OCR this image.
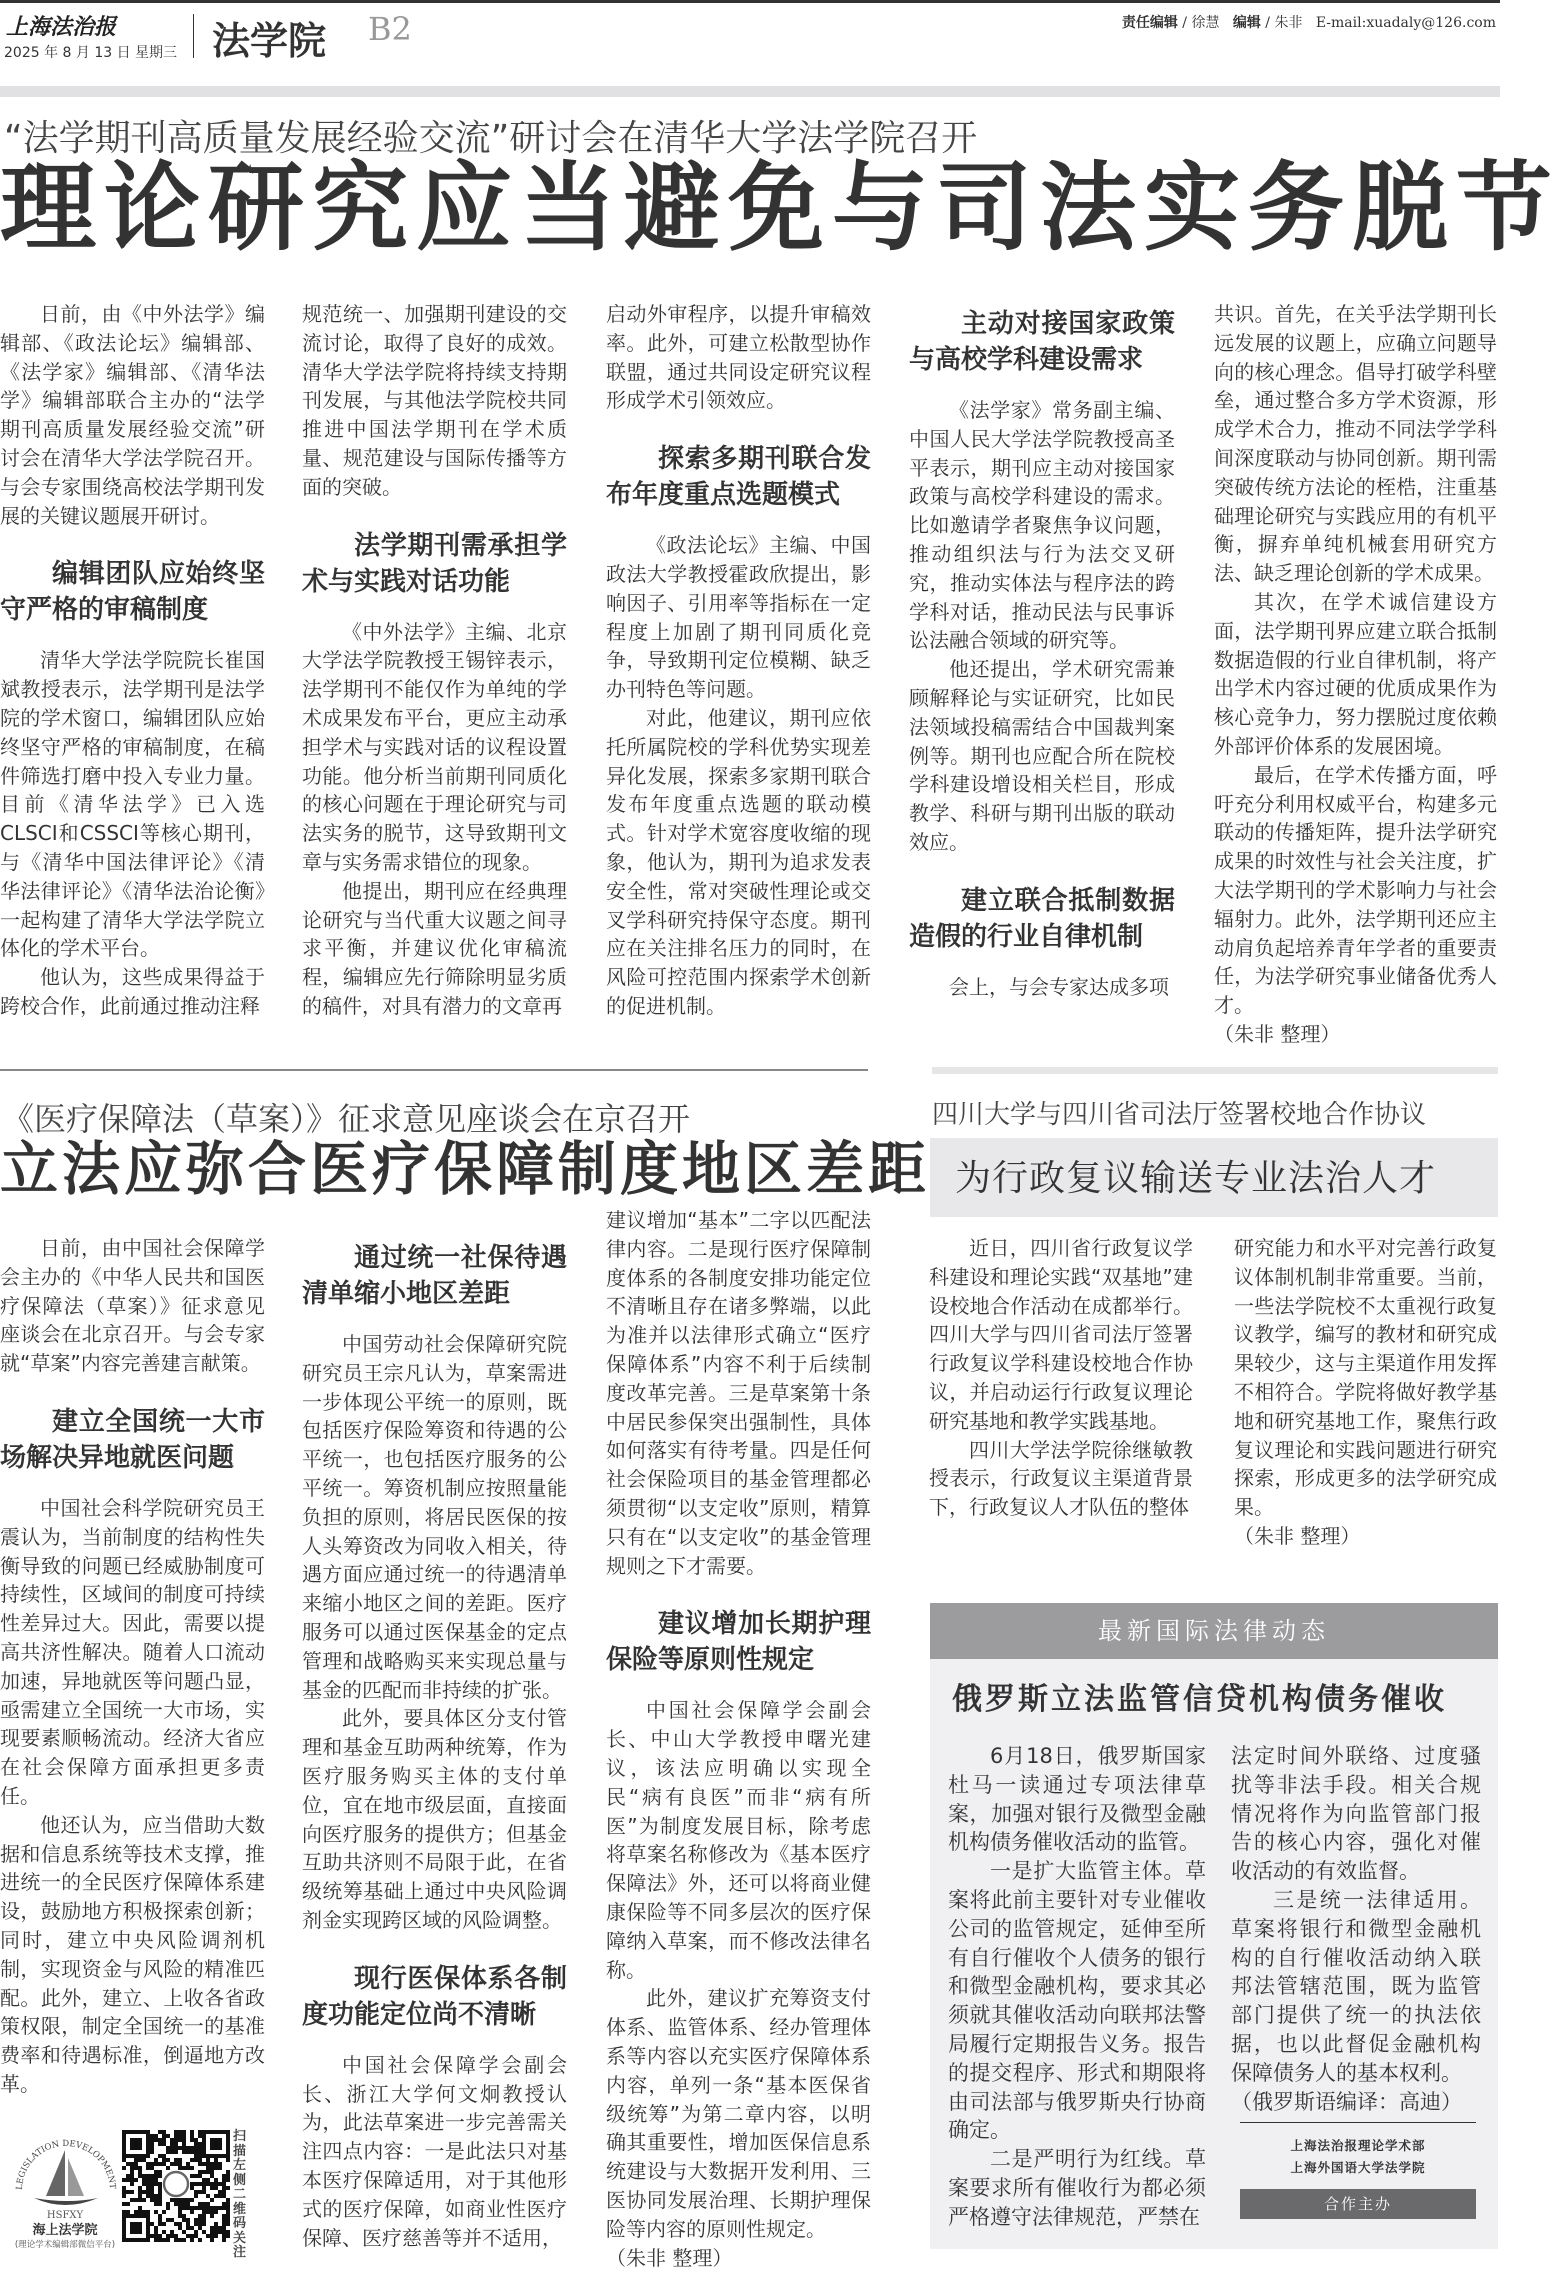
上海法治报
2025 年 8 月 13 日 星期三 法学院 B2	责任编辑 / 徐慧 编辑 / 朱非 E-mail:xuadaly@126.com
“法学期刊高质量发展经验交流”研讨会在清华大学法学院召开
理论研究应当避免与司法实务脱节

日前，由《中外法学》编辑部、《政法论坛》编辑部、《法学家》编辑部、《清华法学》编辑部联合主办的“法学期刊高质量发展经验交流”研讨会在清华大学法学院召开。与会专家围绕高校法学期刊发展的关键议题展开研讨。

编辑团队应始终坚守严格的审稿制度

清华大学法学院院长崔国斌教授表示，法学期刊是法学院的学术窗口，编辑团队应始终坚守严格的审稿制度，在稿件筛选打磨中投入专业力量。目前《清华法学》已入选CLSCI和CSSCI等核心期刊，与《清华中国法律评论》《清华法律评论》《清华法治论衡》一起构建了清华大学法学院立体化的学术平台。

他认为，这些成果得益于跨校合作，此前通过推动注释

规范统一、加强期刊建设的交流讨论，取得了良好的成效。清华大学法学院将持续支持期刊发展，与其他法学院校共同推进中国法学期刊在学术质量、规范建设与国际传播等方面的突破。

法学期刊需承担学术与实践对话功能

《中外法学》主编、北京大学法学院教授王锡锌表示，法学期刊不能仅作为单纯的学术成果发布平台，更应主动承担学术与实践对话的议程设置功能。他分析当前期刊同质化的核心问题在于理论研究与司法实务的脱节，这导致期刊文章与实务需求错位的现象。

他提出，期刊应在经典理论研究与当代重大议题之间寻求平衡，并建议优化审稿流程，编辑应先行筛除明显劣质的稿件，对具有潜力的文章再

启动外审程序，以提升审稿效率。此外，可建立松散型协作联盟，通过共同设定研究议程形成学术引领效应。

探索多期刊联合发布年度重点选题模式

《政法论坛》主编、中国政法大学教授霍政欣提出，影响因子、引用率等指标在一定程度上加剧了期刊同质化竞争，导致期刊定位模糊、缺乏办刊特色等问题。

对此，他建议，期刊应依托所属院校的学科优势实现差异化发展，探索多家期刊联合发布年度重点选题的联动模式。针对学术宽容度收缩的现象，他认为，期刊为追求发表安全性，常对突破性理论或交叉学科研究持保守态度。期刊应在关注排名压力的同时，在风险可控范围内探索学术创新的促进机制。

主动对接国家政策与高校学科建设需求

《法学家》常务副主编、中国人民大学法学院教授高圣平表示，期刊应主动对接国家政策与高校学科建设的需求。比如邀请学者聚焦争议问题，推动组织法与行为法交叉研究，推动实体法与程序法的跨学科对话，推动民法与民事诉讼法融合领域的研究等。

他还提出，学术研究需兼顾解释论与实证研究，比如民法领域投稿需结合中国裁判案例等。期刊也应配合所在院校学科建设增设相关栏目，形成教学、科研与期刊出版的联动效应。

建立联合抵制数据造假的行业自律机制

会上，与会专家达成多项

共识。首先，在关乎法学期刊长远发展的议题上，应确立问题导向的核心理念。倡导打破学科壁垒，通过整合多方学术资源，形成学术合力，推动不同法学学科间深度联动与协同创新。期刊需突破传统方法论的桎梏，注重基础理论研究与实践应用的有机平衡，摒弃单纯机械套用研究方法、缺乏理论创新的学术成果。

其次，在学术诚信建设方面，法学期刊界应建立联合抵制数据造假的行业自律机制，将产出学术内容过硬的优质成果作为核心竞争力，努力摆脱过度依赖外部评价体系的发展困境。

最后，在学术传播方面，呼吁充分利用权威平台，构建多元联动的传播矩阵，提升法学研究成果的时效性与社会关注度，扩大法学期刊的学术影响力与社会辐射力。此外，法学期刊还应主动肩负起培养青年学者的重要责任，为法学研究事业储备优秀人才。

（朱非 整理）

《医疗保障法（草案）》征求意见座谈会在京召开
立法应弥合医疗保障制度地区差距

日前，由中国社会保障学会主办的《中华人民共和国医疗保障法（草案）》征求意见座谈会在北京召开。与会专家就“草案”内容完善建言献策。

建立全国统一大市场解决异地就医问题

中国社会科学院研究员王震认为，当前制度的结构性失衡导致的问题已经威胁制度可持续性，区域间的制度可持续性差异过大。因此，需要以提高共济性解决。随着人口流动加速，异地就医等问题凸显，亟需建立全国统一大市场，实现要素顺畅流动。经济大省应在社会保障方面承担更多责任。

他还认为，应当借助大数据和信息系统等技术支撑，推进统一的全民医疗保障体系建设，鼓励地方积极探索创新；同时，建立中央风险调剂机制，实现资金与风险的精准匹配。此外，建立、上收各省政策权限，制定全国统一的基准费率和待遇标准，倒逼地方改革。

通过统一社保待遇清单缩小地区差距

中国劳动社会保障研究院研究员王宗凡认为，草案需进一步体现公平统一的原则，既包括医疗保险筹资和待遇的公平统一，也包括医疗服务的公平统一。筹资机制应按照量能负担的原则，将居民医保的按人头筹资改为同收入相关，待遇方面应通过统一的待遇清单来缩小地区之间的差距。医疗服务可以通过医保基金的定点管理和战略购买来实现总量与基金的匹配而非持续的扩张。

此外，要具体区分支付管理和基金互助两种统筹，作为医疗服务购买主体的支付单位，宜在地市级层面，直接面向医疗服务的提供方；但基金互助共济则不局限于此，在省级统筹基础上通过中央风险调剂金实现跨区域的风险调整。

现行医保体系各制度功能定位尚不清晰

中国社会保障学会副会长、浙江大学何文炯教授认为，此法草案进一步完善需关注四点内容：一是此法只对基本医疗保障适用，对于其他形式的医疗保障，如商业性医疗保障、医疗慈善等并不适用，

建议增加“基本”二字以匹配法律内容。二是现行医疗保障制度体系的各制度安排功能定位不清晰且存在诸多弊端，以此为准并以法律形式确立“医疗保障体系”内容不利于后续制度改革完善。三是草案第十条中居民参保突出强制性，具体如何落实有待考量。四是任何社会保险项目的基金管理都必须贯彻“以支定收”原则，精算只有在“以支定收”的基金管理规则之下才需要。

建议增加长期护理保险等原则性规定

中国社会保障学会副会长、中山大学教授申曙光建议，该法应明确以实现全民“病有良医”而非“病有所医”为制度发展目标，除考虑将草案名称修改为《基本医疗保障法》外，还可以将商业健康保险等不同多层次的医疗保障纳入草案，而不修改法律名称。

此外，建议扩充筹资支付体系、监管体系、经办管理体系等内容以充实医疗保障体系内容，单列一条“基本医保省级统筹”为第二章内容，以明确其重要性，增加医保信息系统建设与大数据开发利用、三医协同发展治理、长期护理保险等内容的原则性规定。

（朱非 整理）

四川大学与四川省司法厅签署校地合作协议
为行政复议输送专业法治人才

近日，四川省行政复议学科建设和理论实践“双基地”建设校地合作活动在成都举行。四川大学与四川省司法厅签署行政复议学科建设校地合作协议，并启动运行行政复议理论研究基地和教学实践基地。

四川大学法学院徐继敏教授表示，行政复议主渠道背景下，行政复议人才队伍的整体

研究能力和水平对完善行政复议体制机制非常重要。当前，一些法学院校不太重视行政复议教学，编写的教材和研究成果较少，这与主渠道作用发挥不相符合。学院将做好教学基地和研究基地工作，聚焦行政复议理论和实践问题进行研究探索，形成更多的法学研究成果。

（朱非 整理）

最新国际法律动态
俄罗斯立法监管信贷机构债务催收

6月18日，俄罗斯国家杜马一读通过专项法律草案，加强对银行及微型金融机构债务催收活动的监管。

一是扩大监管主体。草案将此前主要针对专业催收公司的监管规定，延伸至所有自行催收个人债务的银行和微型金融机构，要求其必须就其催收活动向联邦法警局履行定期报告义务。报告的提交程序、形式和期限将由司法部与俄罗斯央行协商确定。

二是严明行为红线。草案要求所有催收行为都必须严格遵守法律规范，严禁在

法定时间外联络、过度骚扰等非法手段。相关合规情况将作为向监管部门报告的核心内容，强化对催收活动的有效监督。

三是统一法律适用。草案将银行和微型金融机构的自行催收活动纳入联邦法管辖范围，既为监管部门提供了统一的执法依据，也以此督促金融机构保障债务人的基本权利。

（俄罗斯语编译：高迪）

上海法治报理论学术部
上海外国语大学法学院
合作主办
LEGISLATION DEVELOPMENT
HSFXY
海上法学院
(理论学术编辑部微信平台)
扫描左侧二维码关注
